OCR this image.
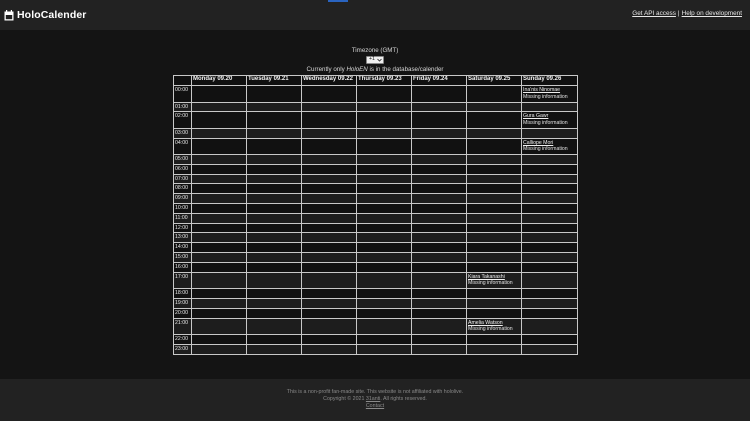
HoloCalender	Get API access | Help on development
Timezone (GMT)
+1
Currently only HoloEN is in the database/calender
	Monday 09.20	Tuesday 09.21	Wednesday 09.22	Thursday 09.23	Friday 09.24	Saturday 09.25	Sunday 09.26
00:00							Ina'nis Ninomae
Missing information

01:00							
02:00							Gura Gawr
Missing information

03:00							
04:00							Calliope Mori
Missing information

05:00							
06:00							
07:00							
08:00							
09:00							
10:00							
11:00							
12:00							
13:00							
14:00							
15:00							
16:00							
17:00						Kiara Takanashi
Missing information	

18:00							
19:00							
20:00							
21:00						Amelia Watson
Missing information	

22:00							
23:00							
This is a non-profit fan-made site. This website is not affiliated with hololive.
Copyright © 2021 31anti. All rights reserved.
Contact
